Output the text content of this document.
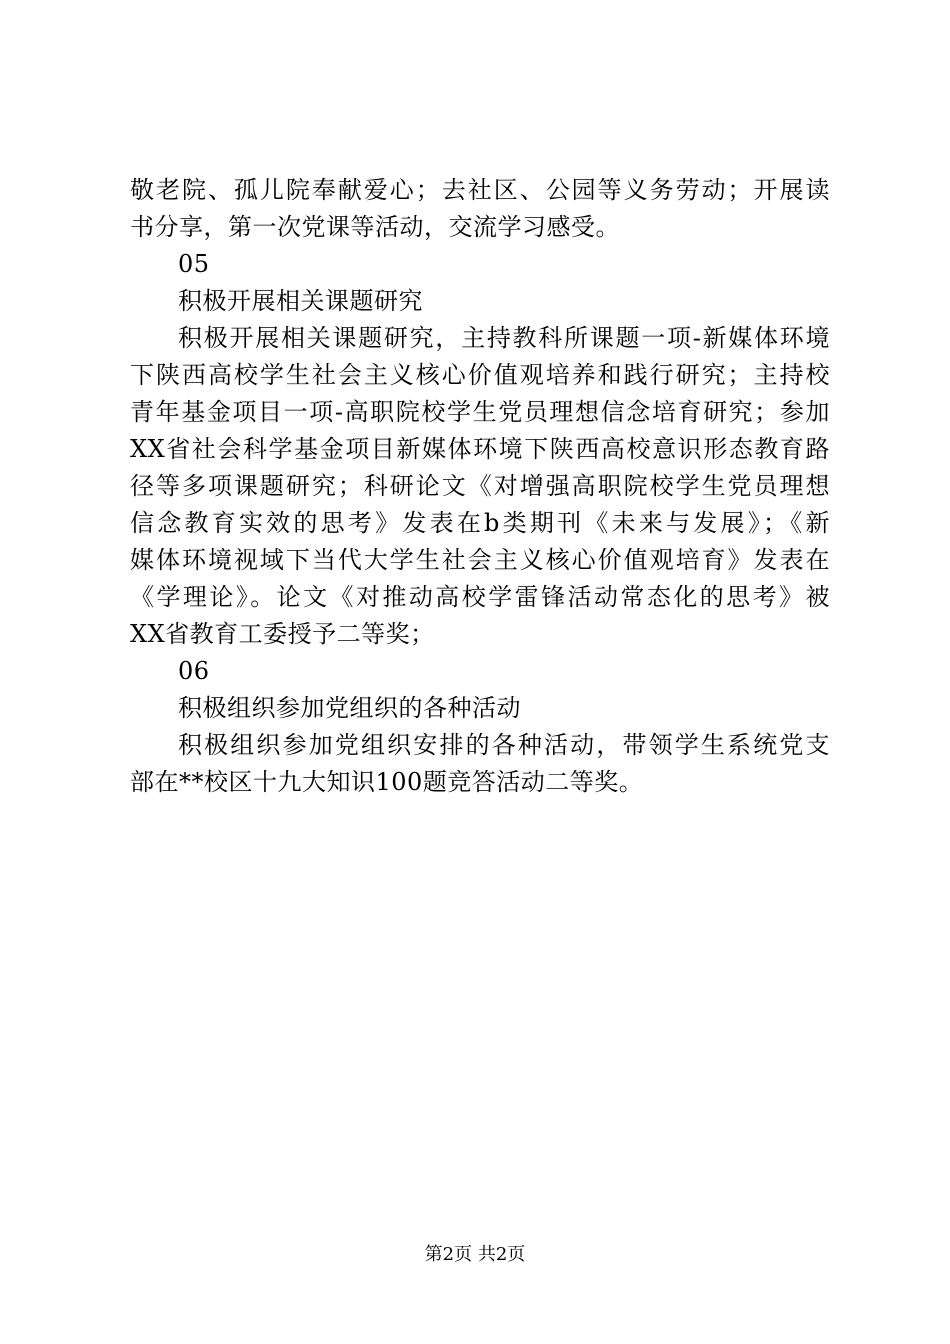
敬老院、孤儿院奉献爱心；去社区、公园等义务劳动；开展读
书分享，第一次党课等活动，交流学习感受。
05
积极开展相关课题研究
积极开展相关课题研究，主持教科所课题一项-新媒体环境
下陕西高校学生社会主义核心价值观培养和践行研究；主持校
青年基金项目一项-高职院校学生党员理想信念培育研究；参加
XX省社会科学基金项目新媒体环境下陕西高校意识形态教育路
径等多项课题研究；科研论文《对增强高职院校学生党员理想
信念教育实效的思考》发表在b类期刊《未来与发展》；《新
媒体环境视域下当代大学生社会主义核心价值观培育》发表在
《学理论》。论文《对推动高校学雷锋活动常态化的思考》被
XX省教育工委授予二等奖；
06
积极组织参加党组织的各种活动
积极组织参加党组织安排的各种活动，带领学生系统党支
部在**校区十九大知识100题竞答活动二等奖。
第2页 共2页
